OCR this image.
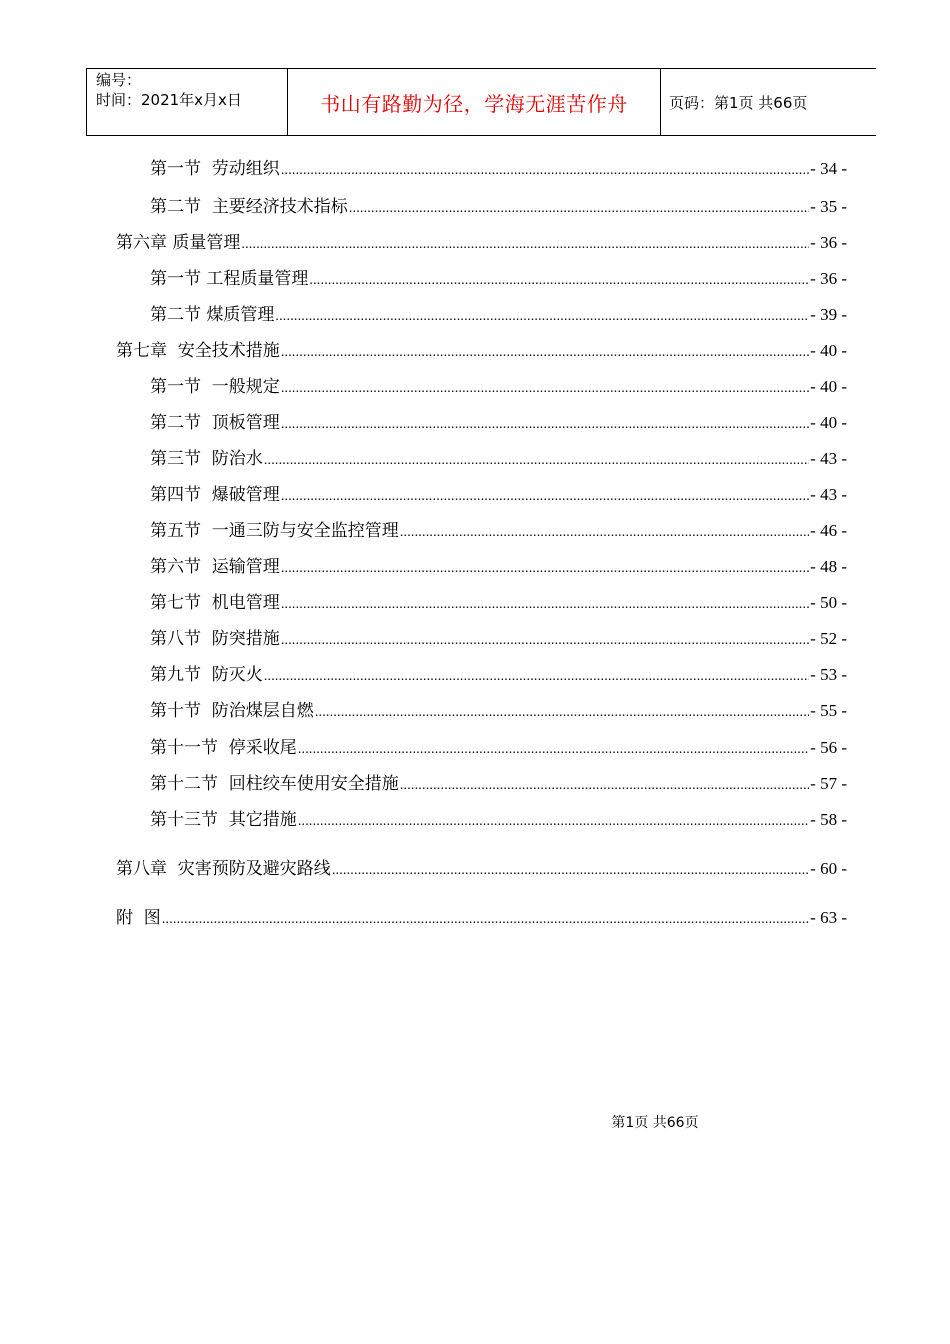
编号：
时间：2021年x月x日	书山有路勤为径，学海无涯苦作舟	页码：第1页 共66页
第一节  劳动组织 .....	- 34 -
第二节  主要经济技术指标 .....	- 35 -
第六章 质量管理 .....	- 36 -
第一节 工程质量管理 .....	- 36 -
第二节 煤质管理 .....	- 39 -
第七章  安全技术措施 .....	- 40 -
第一节  一般规定 .....	- 40 -
第二节  顶板管理 .....	- 40 -
第三节  防治水 .....	- 43 -
第四节  爆破管理 .....	- 43 -
第五节  一通三防与安全监控管理 .....	- 46 -
第六节  运输管理 .....	- 48 -
第七节  机电管理 .....	- 50 -
第八节  防突措施 .....	- 52 -
第九节  防灭火 .....	- 53 -
第十节  防治煤层自燃 .....	- 55 -
第十一节  停采收尾 .....	- 56 -
第十二节  回柱绞车使用安全措施 .....	- 57 -
第十三节  其它措施 .....	- 58 -
第八章  灾害预防及避灾路线 .....	- 60 -
附  图 .....	- 63 -
第1页 共66页
